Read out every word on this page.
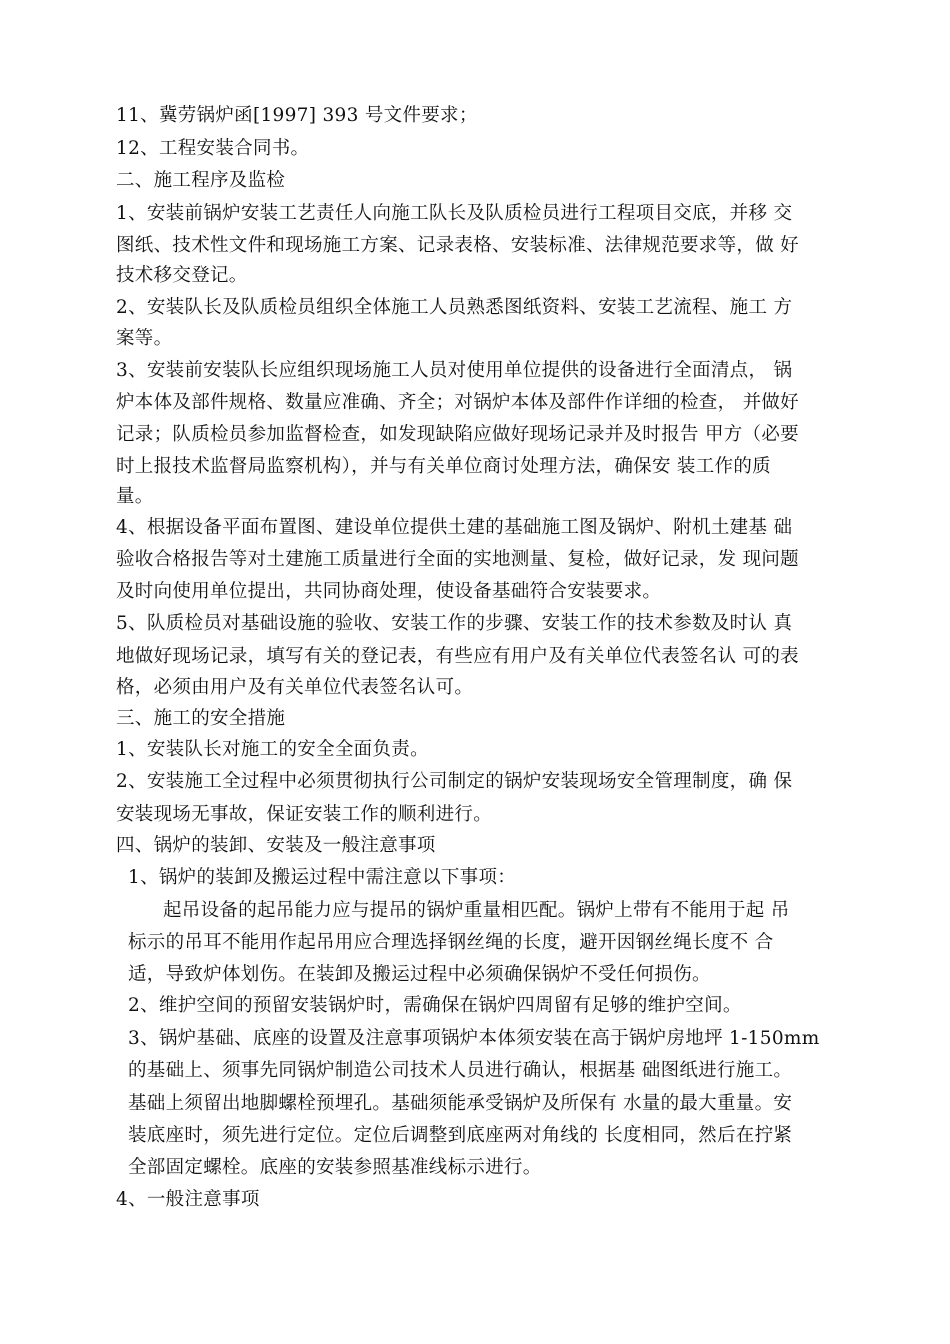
11、冀劳锅炉函[1997] 393 号文件要求；
12、工程安装合同书。
二、施工程序及监检
1、安装前锅炉安装工艺责任人向施工队长及队质检员进行工程项目交底，并移 交
图纸、技术性文件和现场施工方案、记录表格、安装标准、法律规范要求等，做 好
技术移交登记。
2、安装队长及队质检员组织全体施工人员熟悉图纸资料、安装工艺流程、施工 方
案等。
3、安装前安装队长应组织现场施工人员对使用单位提供的设备进行全面清点， 锅
炉本体及部件规格、数量应准确、齐全；对锅炉本体及部件作详细的检查， 并做好
记录；队质检员参加监督检查，如发现缺陷应做好现场记录并及时报告 甲方（必要
时上报技术监督局监察机构），并与有关单位商讨处理方法，确保安 装工作的质
量。
4、根据设备平面布置图、建设单位提供土建的基础施工图及锅炉、附机土建基 础
验收合格报告等对土建施工质量进行全面的实地测量、复检，做好记录，发 现问题
及时向使用单位提出，共同协商处理，使设备基础符合安装要求。
5、队质检员对基础设施的验收、安装工作的步骤、安装工作的技术参数及时认 真
地做好现场记录，填写有关的登记表，有些应有用户及有关单位代表签名认 可的表
格，必须由用户及有关单位代表签名认可。
三、施工的安全措施
1、安装队长对施工的安全全面负责。
2、安装施工全过程中必须贯彻执行公司制定的锅炉安装现场安全管理制度，确 保
安装现场无事故，保证安装工作的顺利进行。
四、锅炉的装卸、安装及一般注意事项
1、锅炉的装卸及搬运过程中需注意以下事项：
起吊设备的起吊能力应与提吊的锅炉重量相匹配。锅炉上带有不能用于起 吊
标示的吊耳不能用作起吊用应合理选择钢丝绳的长度，避开因钢丝绳长度不 合
适，导致炉体划伤。在装卸及搬运过程中必须确保锅炉不受任何损伤。
2、维护空间的预留安装锅炉时，需确保在锅炉四周留有足够的维护空间。
3、锅炉基础、底座的设置及注意事项锅炉本体须安装在高于锅炉房地坪 1-150mm
的基础上、须事先同锅炉制造公司技术人员进行确认，根据基 础图纸进行施工。
基础上须留出地脚螺栓预埋孔。基础须能承受锅炉及所保有 水量的最大重量。安
装底座时，须先进行定位。定位后调整到底座两对角线的 长度相同，然后在拧紧
全部固定螺栓。底座的安装参照基准线标示进行。
4、一般注意事项
